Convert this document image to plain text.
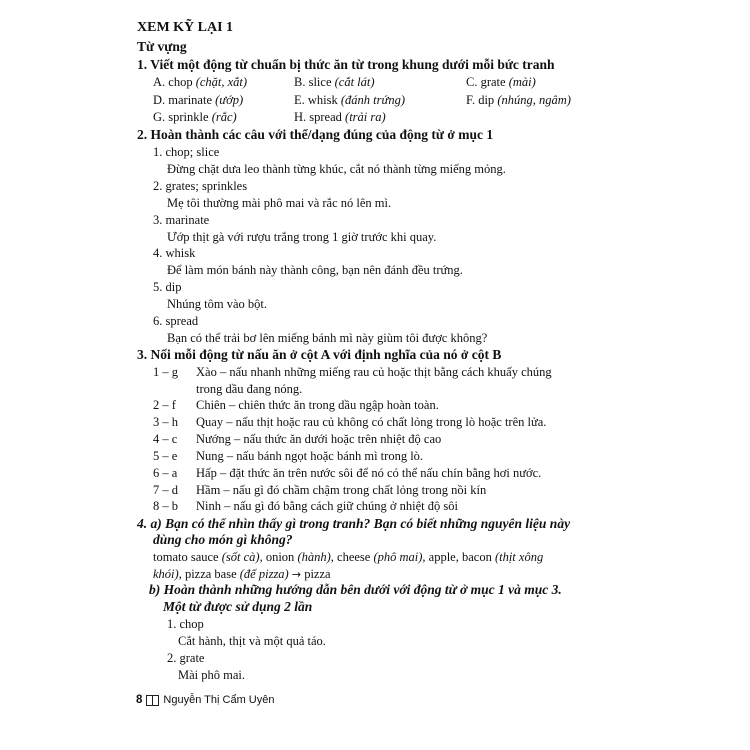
XEM KỸ LẠI 1
Từ vựng
1. Viết một động từ chuẩn bị thức ăn từ trong khung dưới mỗi bức tranh
A. chop (chặt, xắt)	B. slice (cắt lát)	C. grate (mài)
D. marinate (ướp)	E. whisk (đánh trứng)	F. dip (nhúng, ngâm)
G. sprinkle (rắc)	H. spread (trải ra)
2. Hoàn thành các câu với thể/dạng đúng của động từ ở mục 1
1. chop; slice
Đừng chặt dưa leo thành từng khúc, cắt nó thành từng miếng mỏng.
2. grates; sprinkles
Mẹ tôi thường mài phô mai và rắc nó lên mì.
3. marinate
Ướp thịt gà với rượu trắng trong 1 giờ trước khi quay.
4. whisk
Để làm món bánh này thành công, bạn nên đánh đều trứng.
5. dip
Nhúng tôm vào bột.
6. spread
Bạn có thể trải bơ lên miếng bánh mì này giùm tôi được không?
3. Nối mỗi động từ nấu ăn ở cột A với định nghĩa của nó ở cột B
1 – g Xào – nấu nhanh những miếng rau củ hoặc thịt bằng cách khuấy chúng
trong dầu đang nóng.
2 – f Chiên – chiên thức ăn trong dầu ngập hoàn toàn.
3 – h Quay – nấu thịt hoặc rau củ không có chất lỏng trong lò hoặc trên lửa.
4 – c Nướng – nấu thức ăn dưới hoặc trên nhiệt độ cao
5 – e Nung – nấu bánh ngọt hoặc bánh mì trong lò.
6 – a Hấp – đặt thức ăn trên nước sôi để nó có thể nấu chín bằng hơi nước.
7 – d Hầm – nấu gì đó chầm chậm trong chất lỏng trong nồi kín
8 – b Ninh – nấu gì đó bằng cách giữ chúng ở nhiệt độ sôi
4. a) Bạn có thể nhìn thấy gì trong tranh? Bạn có biết những nguyên liệu này
dùng cho món gì không?
tomato sauce (sốt cà), onion (hành), cheese (phô mai), apple, bacon (thịt xông
khói), pizza base (đế pizza) → pizza
b) Hoàn thành những hướng dẫn bên dưới với động từ ở mục 1 và mục 3.
Một từ được sử dụng 2 lần
1. chop
Cắt hành, thịt và một quả táo.
2. grate
Mài phô mai.
8 Nguyễn Thị Cẩm Uyên
